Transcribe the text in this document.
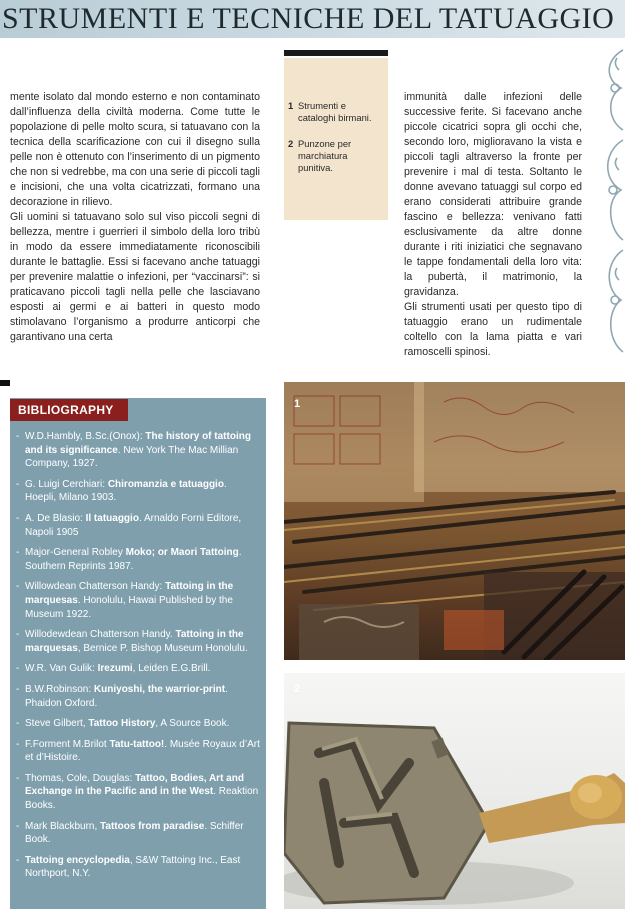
STRUMENTI E TECNICHE DEL TATUAGGIO

mente isolato dal mondo esterno e non contaminato dall’influenza della civiltà moderna. Come tutte le popolazione di pelle molto scura, si tatuavano con la tecnica della scarificazione con cui il disegno sulla pelle non è ottenuto con l’inserimento di un pigmento che non si vedrebbe, ma con una serie di piccoli tagli e incisioni, che una volta cicatrizzati, formano una decorazione in rilievo.

Gli uomini si tatuavano solo sul viso piccoli segni di bellezza, mentre i guerrieri il simbolo della loro tribù in modo da essere immediatamente riconoscibili durante le battaglie. Essi si facevano anche tatuaggi per prevenire malattie o infezioni, per “vaccinarsi”: si praticavano piccoli tagli nella pelle che lasciavano esposti ai germi e ai batteri in questo modo stimolavano l’organismo a produrre anticorpi che garantivano una certa

1 Strumenti e cataloghi birmani.
2 Punzone per marchiatura punitiva.

immunità dalle infezioni delle successive ferite. Si facevano anche piccole cicatrici sopra gli occhi che, secondo loro, miglioravano la vista e piccoli tagli altraverso la fronte per prevenire i mal di testa. Soltanto le donne avevano tatuaggi sul corpo ed erano considerati attribuire grande fascino e bellezza: venivano fatti esclusivamente da altre donne durante i riti iniziatici che segnavano le tappe fondamentali della loro vita: la pubertà, il matrimonio, la gravidanza.

Gli strumenti usati per questo tipo di tatuaggio erano un rudimentale coltello con la lama piatta e vari ramoscelli spinosi.

BIBLIOGRAPHY
- W.D.Hambly, B.Sc.(Onox): The history of tattoing and its significance. New York The Mac Millian Company, 1927.
- G. Luigi Cerchiari: Chiromanzia e tatuaggio. Hoepli, Milano 1903.
- A. De Blasio: Il tatuaggio. Arnaldo Forni Editore, Napoli 1905
- Major-General Robley Moko; or Maori Tattoing. Southern Reprints 1987.
- Willowdean Chatterson Handy: Tattoing in the marquesas. Honolulu, Hawai Published by the Museum 1922.
- Willodewdean Chatterson Handy. Tattoing in the marquesas, Bernice P. Bishop Museum Honolulu.
- W.R. Van Gulik: Irezumi, Leiden E.G.Brill.
- B.W.Robinson: Kuniyoshi, the warrior-print. Phaidon Oxford.
- Steve Gilbert, Tattoo History, A Source Book.
- F.Forment M.Brilot Tatu-tattoo!. Musée Royaux d’Art et d’Histoire.
- Thomas, Cole, Douglas: Tattoo, Bodies, Art and Exchange in the Pacific and in the West. Reaktion Books.
- Mark Blackburn, Tattoos from paradise. Schiffer Book.
- Tattoing encyclopedia, S&W Tattoing Inc., East Northport, N.Y.
1
2
